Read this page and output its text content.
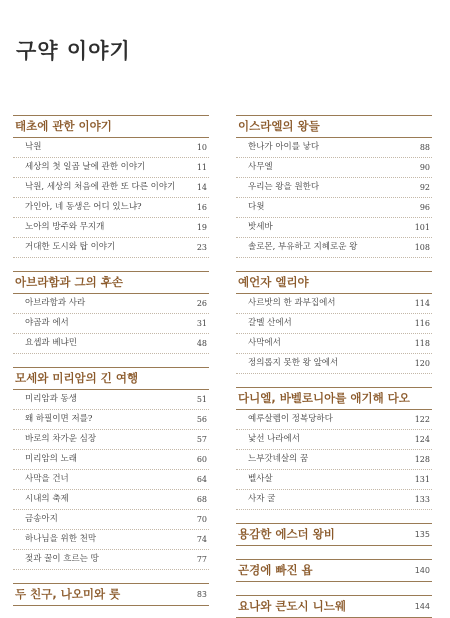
구약 이야기
태초에 관한 이야기
낙원	10
세상의 첫 일곱 날에 관한 이야기	11
낙원, 세상의 처음에 관한 또 다른 이야기	14
가인아, 네 동생은 어디 있느냐?	16
노아의 방주와 무지개	19
거대한 도시와 탑 이야기	23
아브라함과 그의 후손
아브라함과 사라	26
야곱과 에서	31
요셉과 베냐민	48
모세와 미리암의 긴 여행
미리암과 동생	51
왜 하필이면 저를?	56
바로의 차가운 심장	57
미리암의 노래	60
사막을 건너	64
시내의 축제	68
금송아지	70
하나님을 위한 천막	74
젖과 꿀이 흐르는 땅	77
두 친구, 나오미와 룻	83
이스라엘의 왕들
한나가 아이를 낳다	88
사무엘	90
우리는 왕을 원한다	92
다윗	96
밧세바	101
솔로몬, 부유하고 지혜로운 왕	108
예언자 엘리야
사르밧의 한 과부집에서	114
갈멜 산에서	116
사막에서	118
정의롭지 못한 왕 앞에서	120
다니엘, 바벨로니아를 애기해 다오
예루살렘이 정복당하다	122
낯선 나라에서	124
느부갓네살의 꿈	128
벨사살	131
사자 굴	133
용감한 에스더 왕비	135
곤경에 빠진 욥	140
요나와 큰도시 니느웨	144
